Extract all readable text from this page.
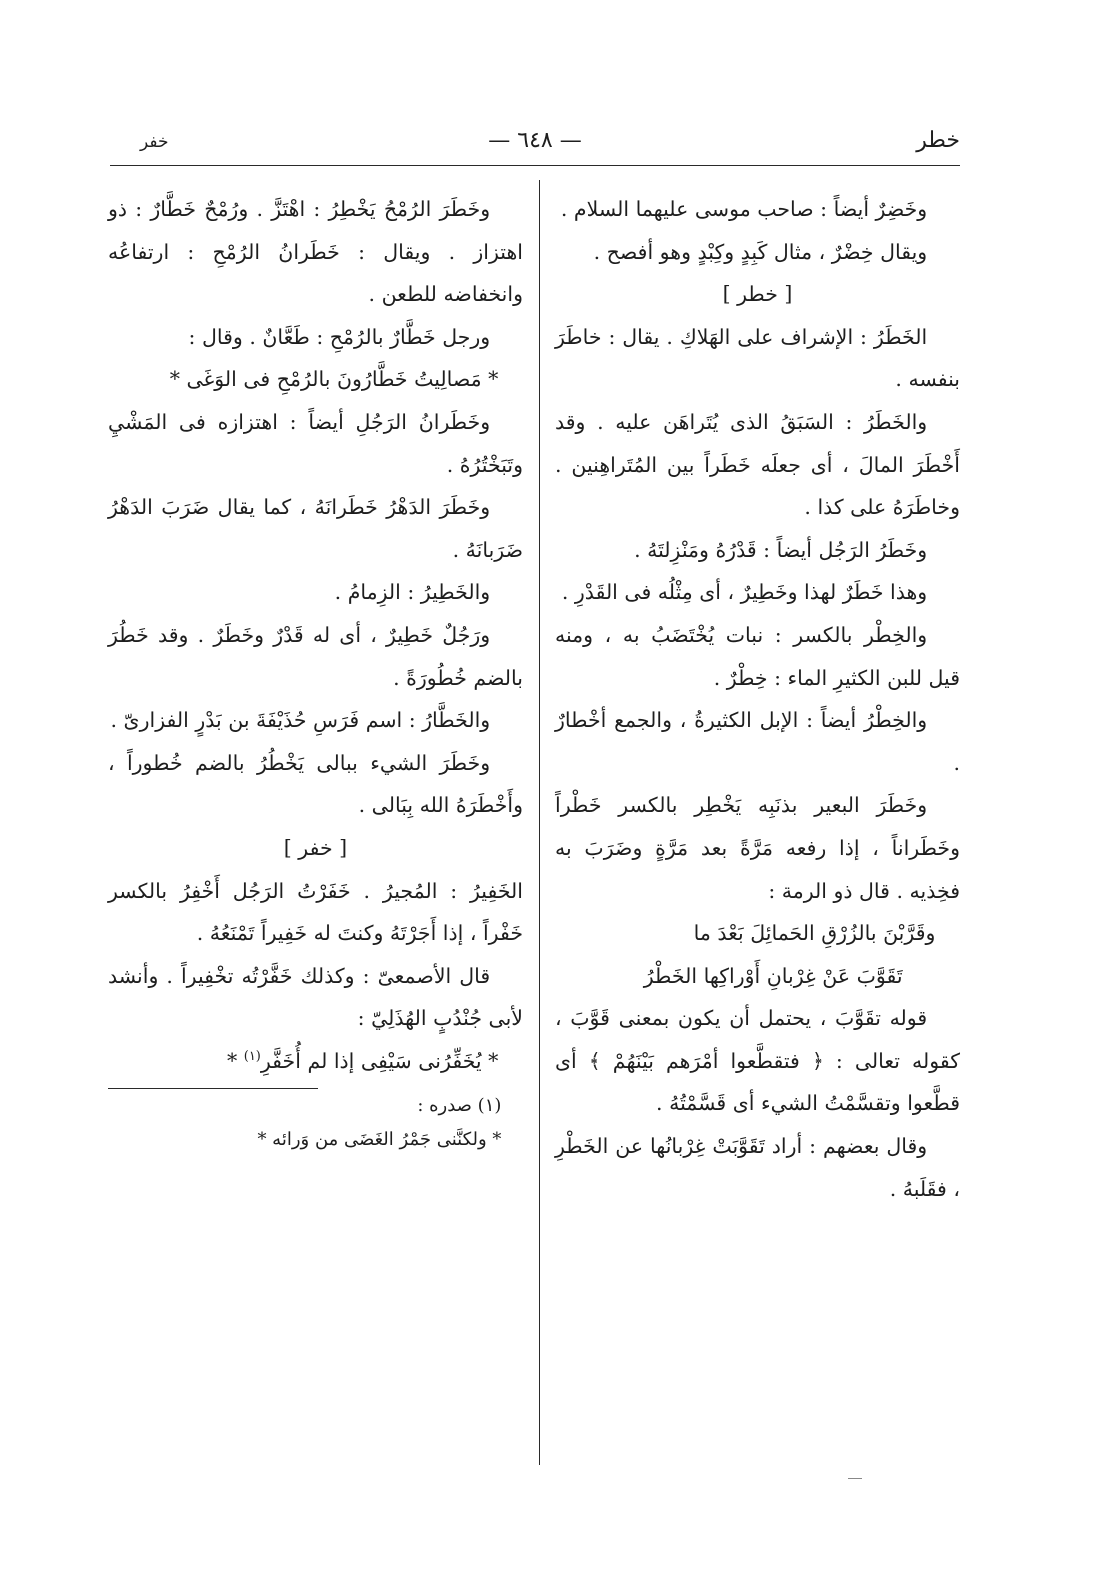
خطر
— ٦٤٨ —
خفر

وخَضِرٌ أيضاً : صاحب موسى عليهما السلام .

ويقال خِضْرٌ ، مثال كَبِدٍ وكِبْدٍ وهو أفصح .

[ خطر ]

الخَطَرُ : الإشراف على الهَلاكِ . يقال : خاطَرَ بنفسه .

والخَطَرُ : السَبَقُ الذى يُتَراهَن عليه . وقد أَخْطَرَ المالَ ، أى جعلَه خَطَراً بين المُتَراهِنين . وخاطَرَهُ على كذا .

وخَطَرُ الرَجُل أيضاً : قَدْرُهُ ومَنْزِلتَهُ .

وهذا خَطَرٌ لهذا وخَطِيرٌ ، أى مِثْلُه فى القَدْرِ .

والخِطْر بالكسر : نبات يُخْتَضَبُ به ، ومنه قيل للبن الكثيرِ الماء : خِطْرٌ .

والخِطْرُ أيضاً : الإبل الكثيرةُ ، والجمع أخْطارٌ .

وخَطَرَ البعير بذنَبِه يَخْطِر بالكسر خَطْراً وخَطَراناً ، إذا رفعه مَرَّةً بعد مَرَّةٍ وضَرَبَ به فخِذيه . قال ذو الرمة :

وقَرَّبْنَ بالزُرْقِ الحَمائِلَ بَعْدَ ما

تَقَوَّبَ عَنْ غِرْبانِ أَوْراكِها الخَطْرُ

قوله تقَوَّبَ ، يحتمل أن يكون بمعنى قَوَّبَ ، كقوله تعالى : ﴿ فتقطَّعوا أمْرَهم بَيْنَهُمْ ﴾ أى قطَّعوا وتقسَّمْتُ الشيء أى قَسَّمْتُهُ .

وقال بعضهم : أراد تَقَوَّبَتْ غِرْبانُها عن الخَطْرِ ، فقَلَبهُ .

وخَطَرَ الرُمْحُ يَخْطِرُ : اهْتَزَّ . ورُمْحٌ خَطَّارٌ : ذو اهتزاز . ويقال : خَطَرانُ الرُمْحِ : ارتفاعُه وانخفاضه للطعن .

ورجل خَطَّارٌ بالرُمْحِ : طَعَّانٌ . وقال :

* مَصالِيتُ خَطَّارُونَ بالرُمْحِ فى الوَغَى *

وخَطَرانُ الرَجُلِ أيضاً : اهتزازه فى المَشْيِ وتَبَخْتُرُهُ .

وخَطَرَ الدَهْرُ خَطَرانَهُ ، كما يقال ضَرَبَ الدَهْرُ ضَرَبانَهُ .

والخَطِيرُ : الزِمامُ .

ورَجُلٌ خَطِيرٌ ، أى له قَدْرٌ وخَطَرٌ . وقد خَطُرَ بالضم خُطُورَةً .

والخَطَّارُ : اسم فَرَسِ حُذَيْفَةَ بن بَدْرٍ الفزارىّ .

وخَطَرَ الشيء ببالى يَخْطُرُ بالضم خُطوراً ، وأَخْطَرَهُ الله بِبَالى .

[ خفر ]

الخَفِيرُ : المُجيرُ . خَفَرْتُ الرَجُل أَخْفِرُ بالكسر خَفْراً ، إذا أَجَرْتَهُ وكنتَ له خَفِيراً تَمْنَعُهُ .

قال الأصمعىّ : وكذلك خَفَّرْتُه تخْفِيراً . وأنشد لأبى جُنْدُبٍ الهُذَلِيّ :

* يُخَفِّرُنى سَيْفِى إذا لم أُخَفَّرِ$^{(١)}$ *

(١) صدره :

* ولكنَّنى جَمْرُ الغَضَى من وَرائه *
